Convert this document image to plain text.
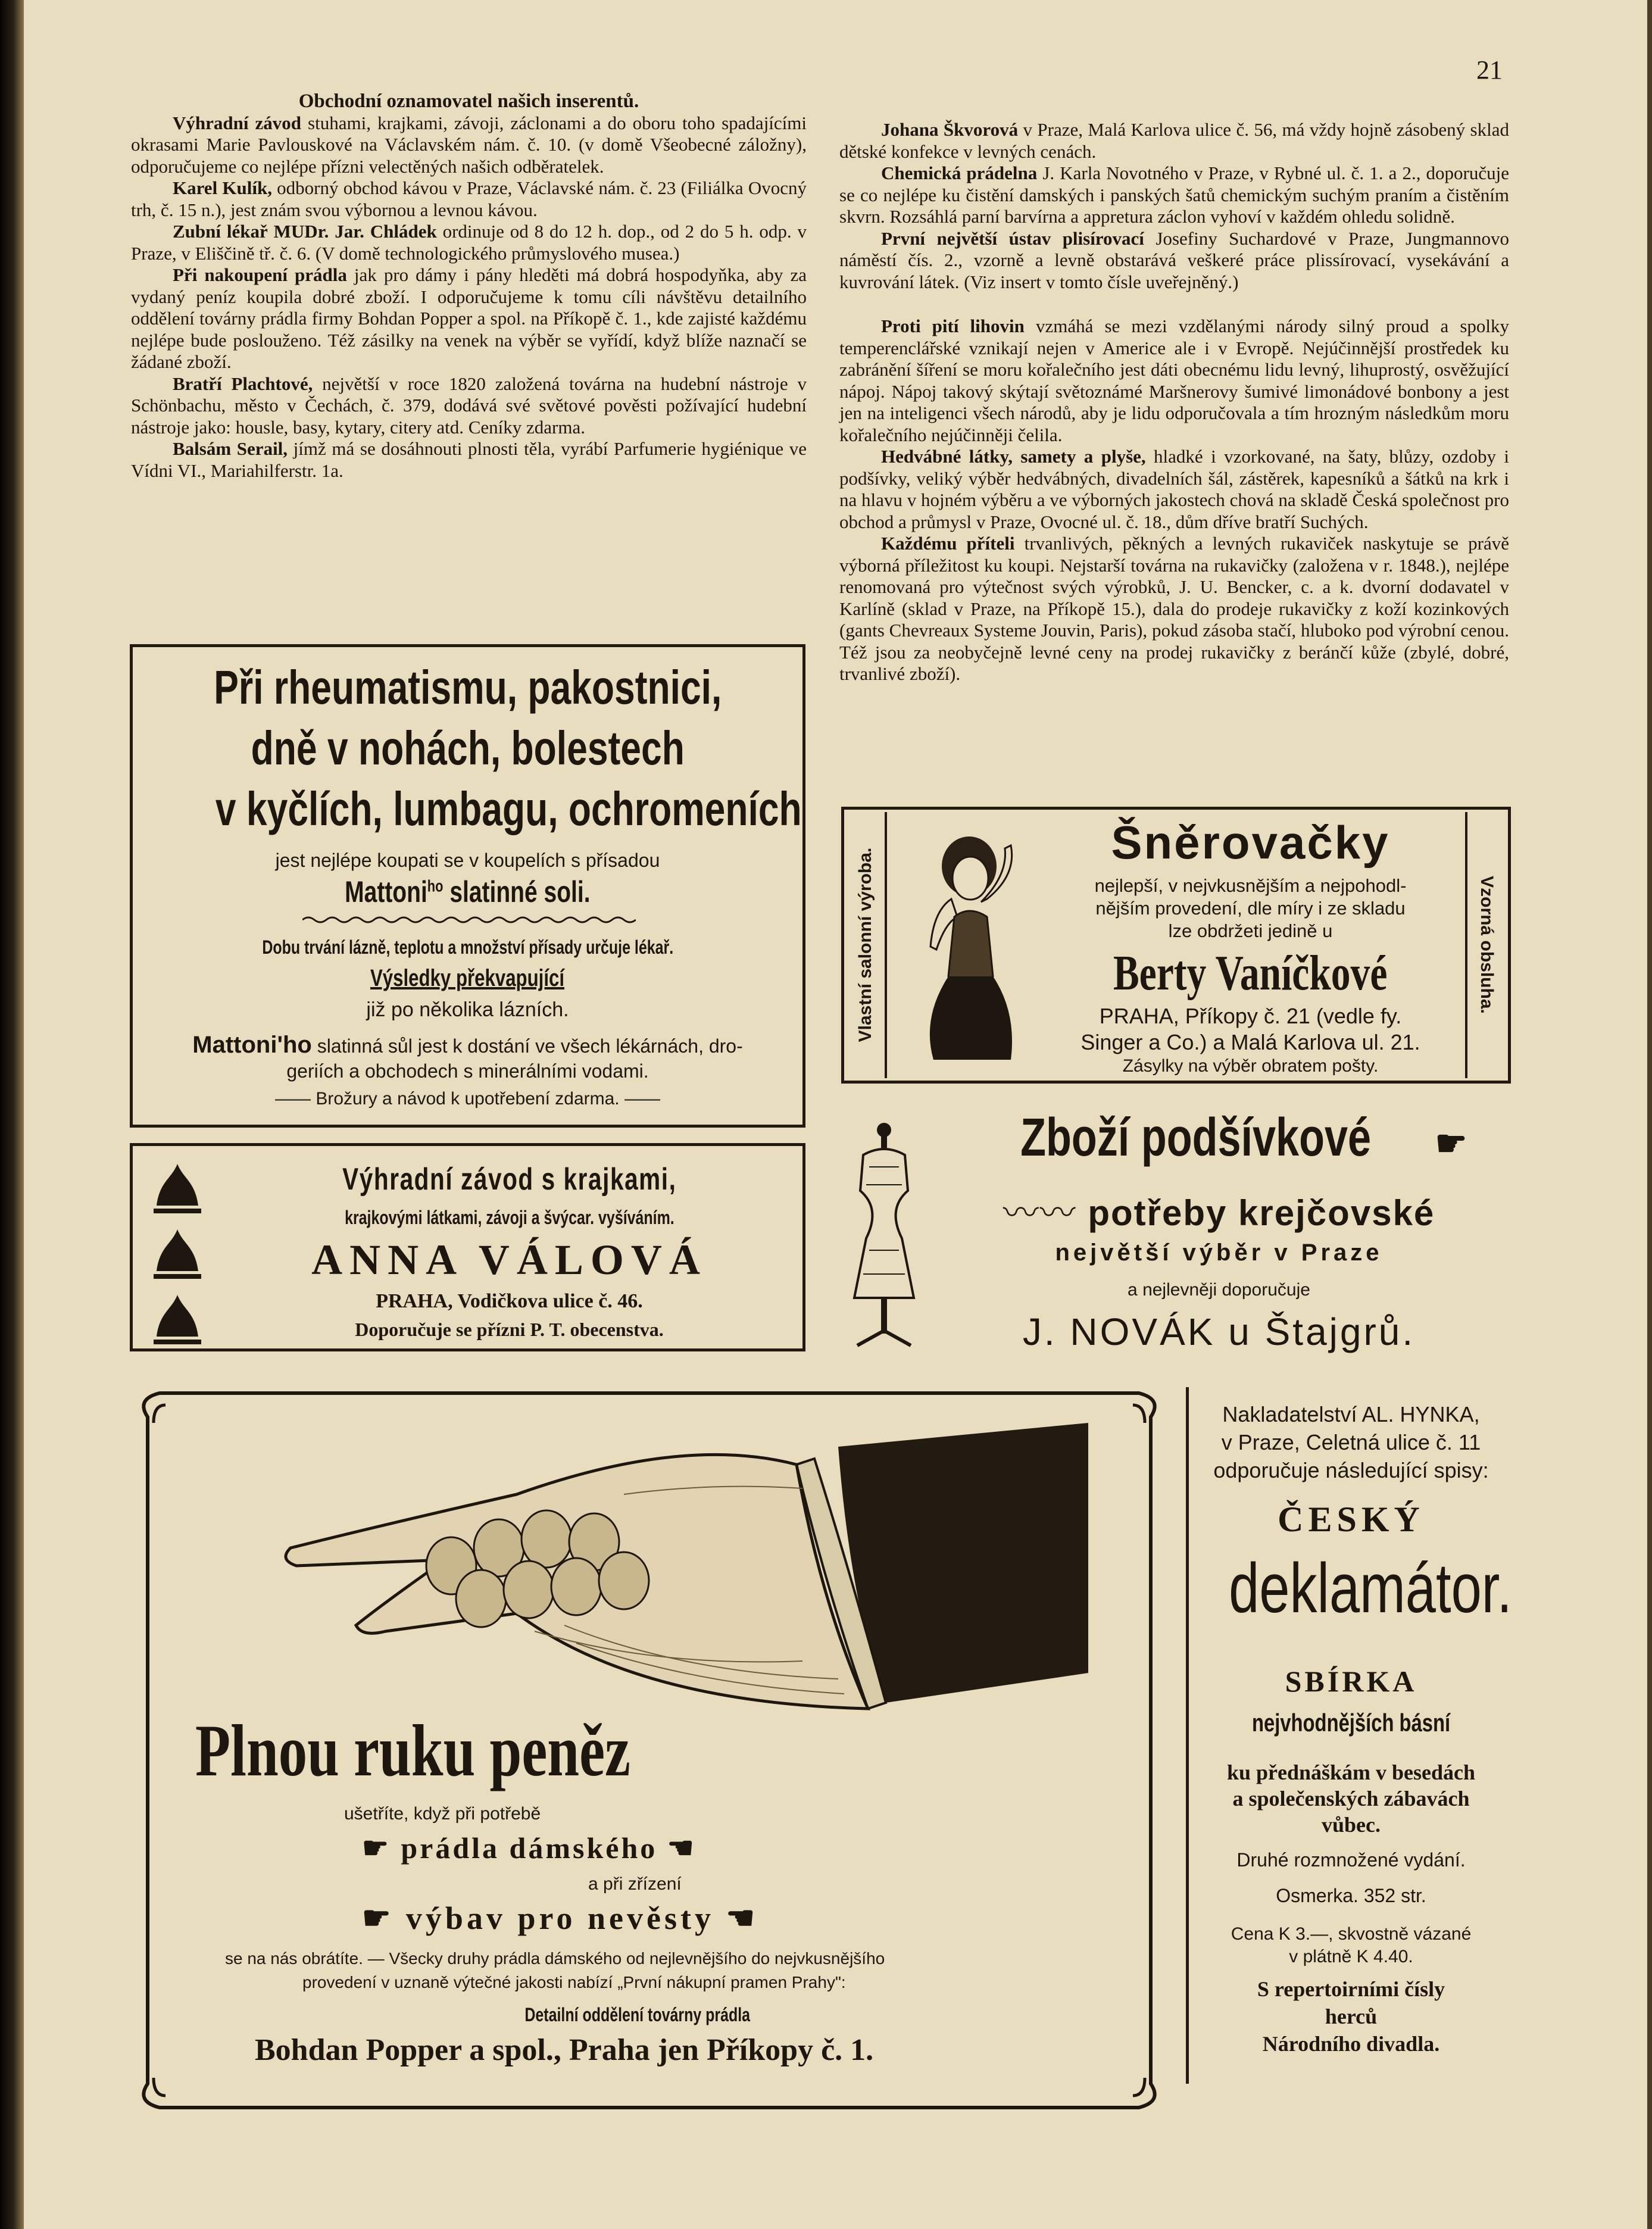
21

Obchodní oznamovatel našich inserentů.

Výhradní závod stuhami, krajkami, závoji, záclonami a do oboru toho spadajícími okrasami Marie Pavlouskové na Václavském nám. č. 10. (v domě Všeobecné záložny), odporučujeme co nejlépe přízni velectěných našich odběratelek.

Karel Kulík, odborný obchod kávou v Praze, Václavské nám. č. 23 (Filiálka Ovocný trh, č. 15 n.), jest znám svou výbornou a levnou kávou.

Zubní lékař MUDr. Jar. Chládek ordinuje od 8 do 12 h. dop., od 2 do 5 h. odp. v Praze, v Eliščině tř. č. 6. (V domě technologického průmyslového musea.)

Při nakoupení prádla jak pro dámy i pány hleděti má dobrá hospodyňka, aby za vydaný peníz koupila dobré zboží. I odporučujeme k tomu cíli návštěvu detailního oddělení továrny prádla firmy Bohdan Popper a spol. na Příkopě č. 1., kde zajisté každému nejlépe bude poslouženo. Též zásilky na venek na výběr se vyřídí, když blíže naznačí se žádané zboží.

Bratří Plachtové, největší v roce 1820 založená továrna na hudební nástroje v Schönbachu, město v Čechách, č. 379, dodává své světové pověsti požívající hudební nástroje jako: housle, basy, kytary, citery atd. Ceníky zdarma.

Balsám Serail, jímž má se dosáhnouti plnosti těla, vyrábí Parfumerie hygiénique ve Vídni VI., Mariahilferstr. 1a.

Johana Škvorová v Praze, Malá Karlova ulice č. 56, má vždy hojně zásobený sklad dětské konfekce v levných cenách.

Chemická prádelna J. Karla Novotného v Praze, v Rybné ul. č. 1. a 2., doporučuje se co nejlépe ku čistění damských i panských šatů chemickým suchým praním a čistěním skvrn. Rozsáhlá parní barvírna a appretura záclon vyhoví v každém ohledu solidně.

První největší ústav plisírovací Josefiny Suchardové v Praze, Jungmannovo náměstí čís. 2., vzorně a levně obstarává veškeré práce plissírovací, vysekávání a kuvrování látek. (Viz insert v tomto čísle uveřejněný.)

Proti pití lihovin vzmáhá se mezi vzdělanými národy silný proud a spolky temperenclářské vznikají nejen v Americe ale i v Evropě. Nejúčinnější prostředek ku zabránění šíření se moru kořalečního jest dáti obecnému lidu levný, lihuprostý, osvěžující nápoj. Nápoj takový skýtají světoznámé Maršnerovy šumivé limonádové bonbony a jest jen na inteligenci všech národů, aby je lidu odporučovala a tím hrozným následkům moru kořalečního nejúčinněji čelila.

Hedvábné látky, samety a plyše, hladké i vzorkované, na šaty, blůzy, ozdoby i podšívky, veliký výběr hedvábných, divadelních šál, zástěrek, kapesníků a šátků na krk i na hlavu v hojném výběru a ve výborných jakostech chová na skladě Česká společnost pro obchod a průmysl v Praze, Ovocné ul. č. 18., dům dříve bratří Suchých.

Každému příteli trvanlivých, pěkných a levných rukaviček naskytuje se právě výborná příležitost ku koupi. Nejstarší továrna na rukavičky (založena v r. 1848.), nejlépe renomovaná pro výtečnost svých výrobků, J. U. Bencker, c. a k. dvorní dodavatel v Karlíně (sklad v Praze, na Příkopě 15.), dala do prodeje rukavičky z koží kozinkových (gants Chevreaux Systeme Jouvin, Paris), pokud zásoba stačí, hluboko pod výrobní cenou. Též jsou za neobyčejně levné ceny na prodej rukavičky z beránčí kůže (zbylé, dobré, trvanlivé zboží).

Při rheumatismu, pakostnici,
dně v nohách, bolestech
v kyčlích, lumbagu, ochromeních
jest nejlépe koupati se v koupelích s přísadou
Mattoni$^{ho}$ slatinné soli.
Dobu trvání lázně, teplotu a množství přísady určuje lékař.
Výsledky překvapující
již po několika lázních.
Mattoni'ho slatinná sůl jest k dostání ve všech lékárnách, dro-
geriích a obchodech s minerálními vodami.
—— Brožury a návod k upotřebení zdarma. ——
Výhradní závod s krajkami,
krajkovými látkami, závoji a švýcar. vyšíváním.
ANNA VÁLOVÁ
PRAHA, Vodičkova ulice č. 46.
Doporučuje se přízni P. T. obecenstva.
Vlastní salonní výroba.	Vzorná obsluha.
Šněrovačky
nejlepší, v nejvkusnějším a nejpohodl-
nějším provedení, dle míry i ze skladu
lze obdržeti jedině u
Berty Vaníčkové
PRAHA, Příkopy č. 21 (vedle fy.
Singer a Co.) a Malá Karlova ul. 21.
Zásylky na výběr obratem pošty.
Zboží podšívkové ☛
〰〰 potřeby krejčovské
největší výběr v Praze
a nejlevněji doporučuje
J. NOVÁK u Štajgrů.
Plnou ruku peněz
ušetříte, když při potřebě
☛ prádla dámského ☚
a při zřízení
☛ výbav pro nevěsty ☚
se na nás obrátíte. — Všecky druhy prádla dámského od nejlevnějšího do nejvkusnějšího
provedení v uznaně výtečné jakosti nabízí „První nákupní pramen Prahy":
Detailní oddělení továrny prádla
Bohdan Popper a spol., Praha jen Příkopy č. 1.
Nakladatelství AL. HYNKA,
v Praze, Celetná ulice č. 11
odporučuje následující spisy:
ČESKÝ
deklamátor.
SBÍRKA
nejvhodnějších básní
ku přednáškám v besedách
a společenských zábavách
vůbec.
Druhé rozmnožené vydání.
Osmerka. 352 str.
Cena K 3.—, skvostně vázané
v plátně K 4.40.
S repertoirními čísly
herců
Národního divadla.
